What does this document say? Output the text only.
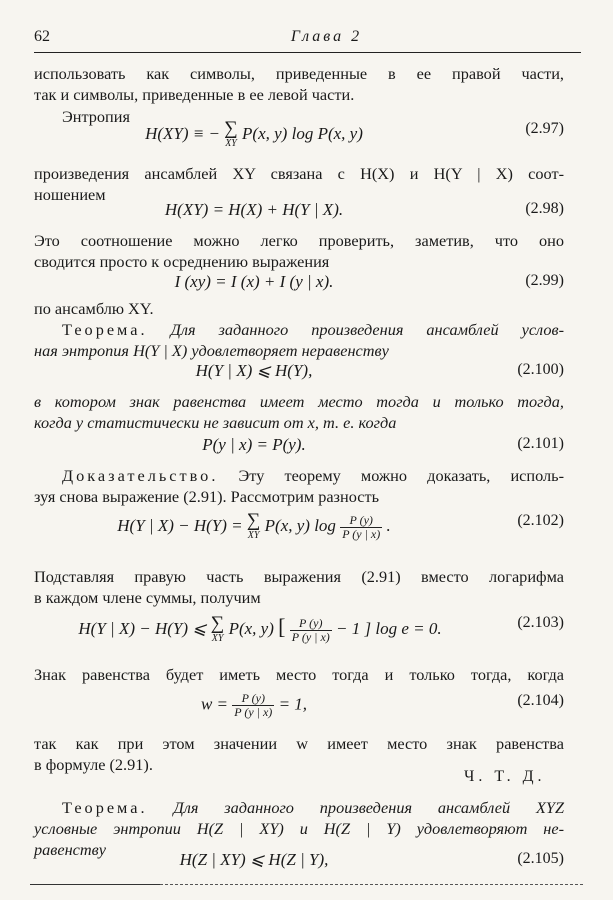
62	Глава 2
использовать как символы, приведенные в ее правой части,
так и символы, приведенные в ее левой части.
Энтропия
H(XY) ≡ − ∑
XY
P(x, y) log P(x, y)	(2.97)
произведения ансамблей XY связана с H(X) и H(Y | X) соот-
ношением
H(XY) = H(X) + H(Y | X).	(2.98)
Это соотношение можно легко проверить, заметив, что оно
сводится просто к осреднению выражения
I (xy) = I (x) + I (y | x).	(2.99)
по ансамблю XY.
Теорема. Для заданного произведения ансамблей услов-
ная энтропия H(Y | X) удовлетворяет неравенству
H(Y | X) ⩽ H(Y),	(2.100)
в котором знак равенства имеет место тогда и только тогда,
когда y статистически не зависит от x, т. е. когда
P(y | x) = P(y).	(2.101)
Доказательство. Эту теорему можно доказать, исполь-
зуя снова выражение (2.91). Рассмотрим разность
H(Y | X) − H(Y) = ∑
XY
P(x, y) $\log \frac{P (y)}{P (y | x)}$ .	(2.102)
Подставляя правую часть выражения (2.91) вместо логарифма
в каждом члене суммы, получим
H(Y | X) − H(Y) ⩽ ∑
XY
P(x, y) [ $\frac{P (y)}{P (y | x)} - 1$ ] log e = 0.	(2.103)
Знак равенства будет иметь место тогда и только тогда, когда
$w = \frac{P (y)}{P (y | x)} = 1$,	(2.104)
так как при этом значении w имеет место знак равенства
в формуле (2.91).
Ч. Т. Д.
Теорема. Для заданного произведения ансамблей XYZ
условные энтропии H(Z | XY) и H(Z | Y) удовлетворяют не-
равенству
H(Z | XY) ⩽ H(Z | Y),	(2.105)
